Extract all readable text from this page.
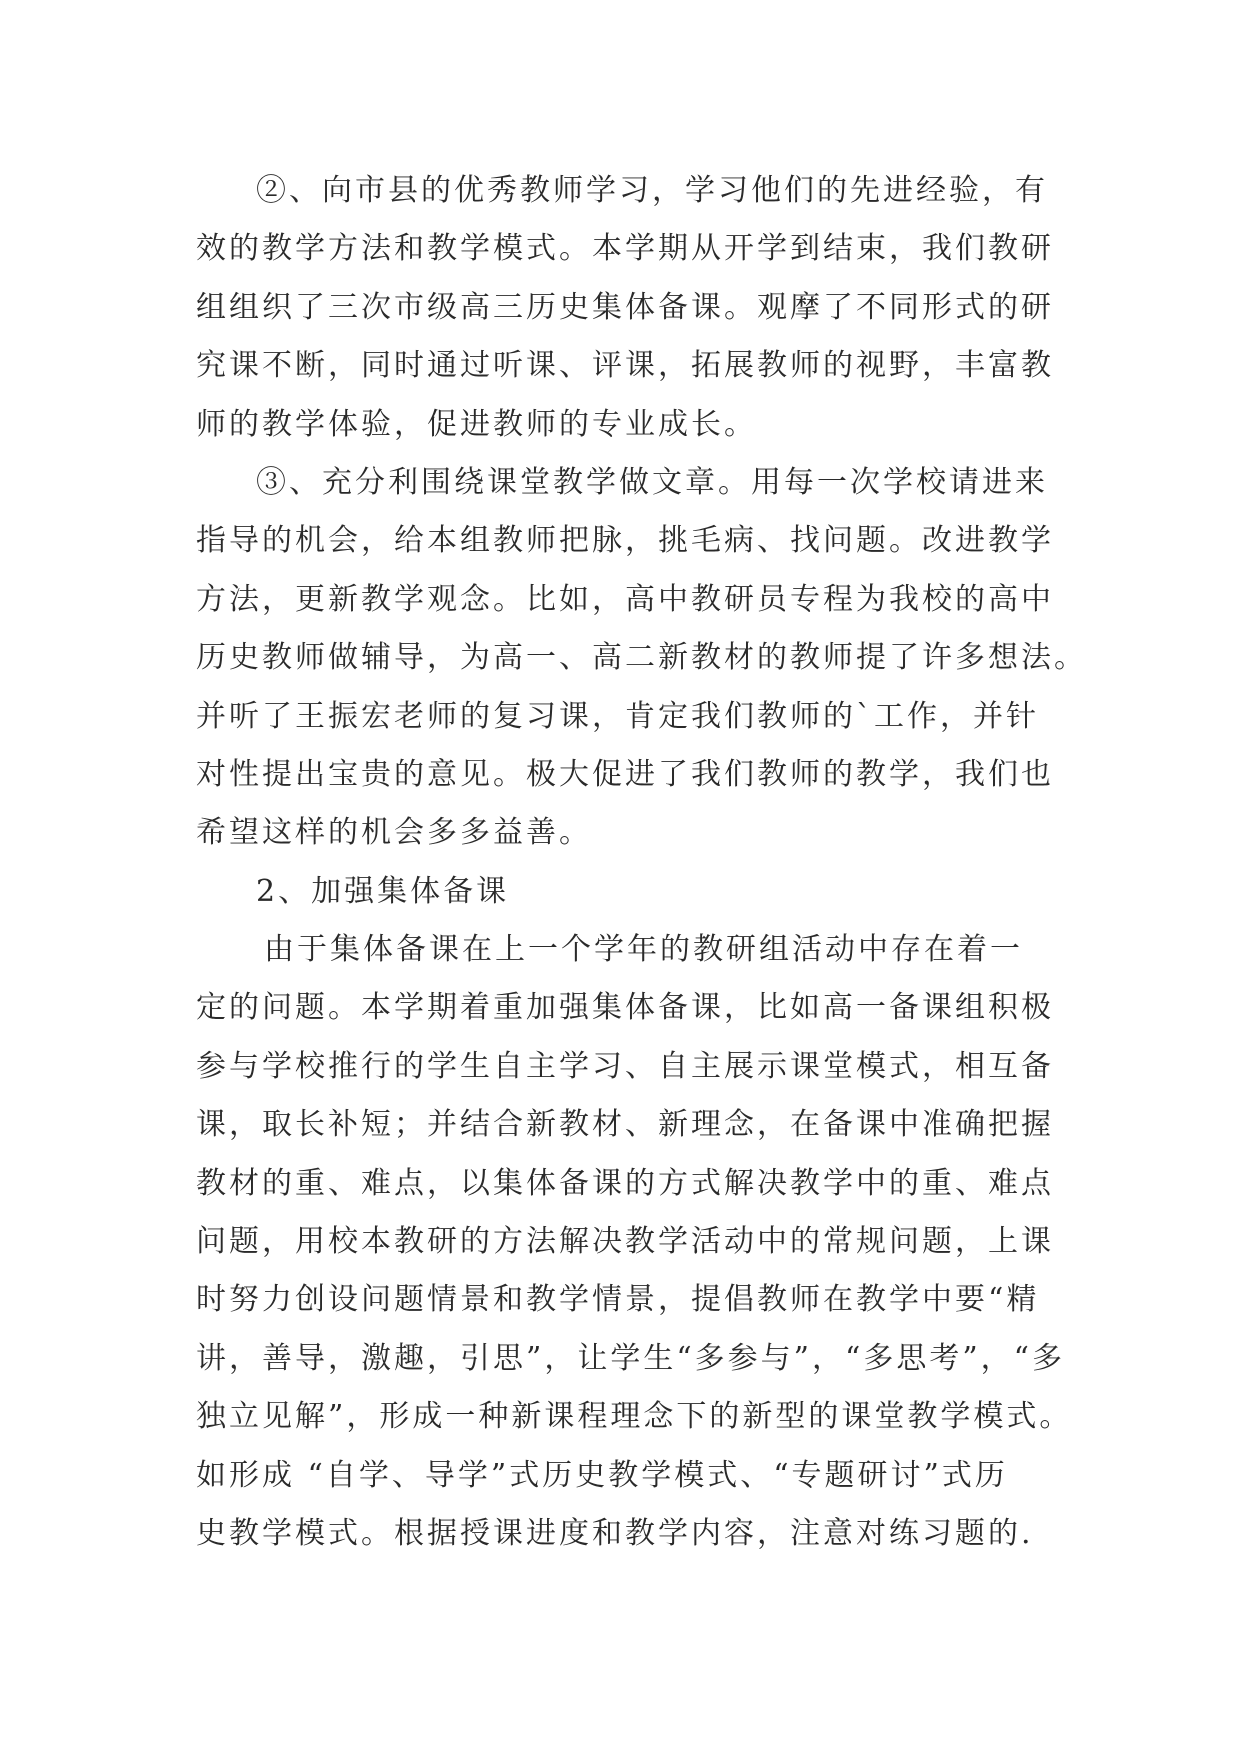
②、向市县的优秀教师学习，学习他们的先进经验，有
效的教学方法和教学模式。本学期从开学到结束，我们教研
组组织了三次市级高三历史集体备课。观摩了不同形式的研
究课不断，同时通过听课、评课，拓展教师的视野，丰富教
师的教学体验，促进教师的专业成长。
③、充分利围绕课堂教学做文章。用每一次学校请进来
指导的机会，给本组教师把脉，挑毛病、找问题。改进教学
方法，更新教学观念。比如，高中教研员专程为我校的高中
历史教师做辅导，为高一、高二新教材的教师提了许多想法。
并听了王振宏老师的复习课，肯定我们教师的`工作，并针
对性提出宝贵的意见。极大促进了我们教师的教学，我们也
希望这样的机会多多益善。
2、加强集体备课
由于集体备课在上一个学年的教研组活动中存在着一
定的问题。本学期着重加强集体备课，比如高一备课组积极
参与学校推行的学生自主学习、自主展示课堂模式，相互备
课，取长补短；并结合新教材、新理念，在备课中准确把握
教材的重、难点，以集体备课的方式解决教学中的重、难点
问题，用校本教研的方法解决教学活动中的常规问题，上课
时努力创设问题情景和教学情景，提倡教师在教学中要“精
讲，善导，激趣，引思”，让学生“多参与”，“多思考”，“多
独立见解”，形成一种新课程理念下的新型的课堂教学模式。
如形成 “自学、导学”式历史教学模式、“专题研讨”式历
史教学模式。根据授课进度和教学内容，注意对练习题的.
